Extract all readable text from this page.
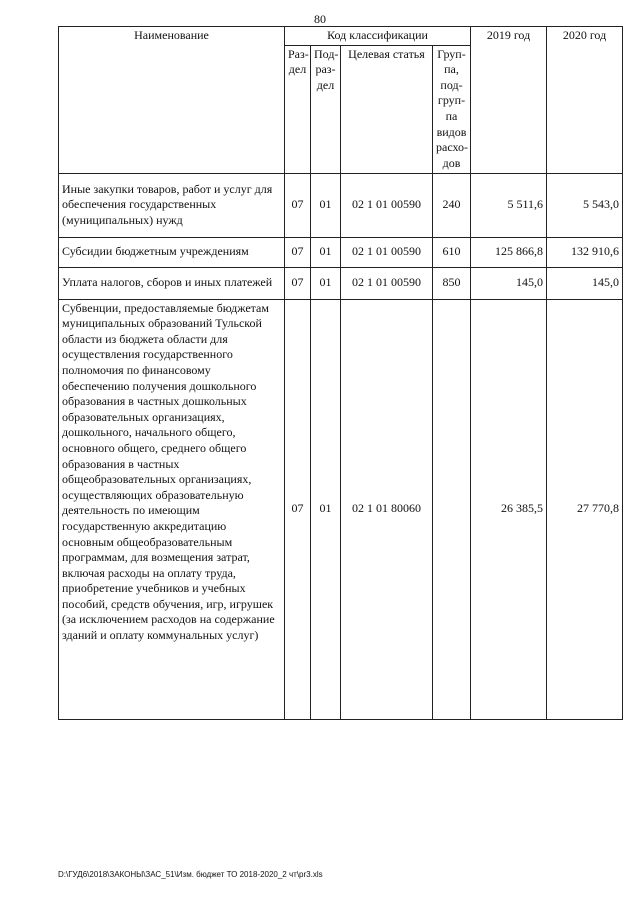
80
Наименование	Код классификации				2019 год	2020 год
	Раз-дел	Под-раз-дел	Целевая статья	Груп-па, под-груп-па видов расхо-дов		
Иные закупки товаров, работ и услуг для обеспечения государственных (муниципальных) нужд	07	01	02 1 01 00590	240	5 511,6	5 543,0
Субсидии бюджетным учреждениям	07	01	02 1 01 00590	610	125 866,8	132 910,6
Уплата налогов, сборов и иных платежей	07	01	02 1 01 00590	850	145,0	145,0
Субвенции, предоставляемые бюджетам муниципальных образований Тульской области из бюджета области для осуществления государственного полномочия по финансовому обеспечению получения дошкольного образования в частных дошкольных образовательных организациях, дошкольного, начального общего, основного общего, среднего общего образования в частных общеобразовательных организациях, осуществляющих образовательную деятельность по имеющим государственную аккредитацию основным общеобразовательным программам, для возмещения затрат, включая расходы на оплату труда, приобретение учебников и учебных пособий, средств обучения, игр, игрушек (за исключением расходов на содержание зданий и оплату коммунальных услуг)	07	01	02 1 01 80060		26 385,5	27 770,8
D:\ГУД6\2018\ЗАКОНЫ\ЗАС_51\Изм. бюджет ТО 2018-2020_2 чт\pr3.xls
